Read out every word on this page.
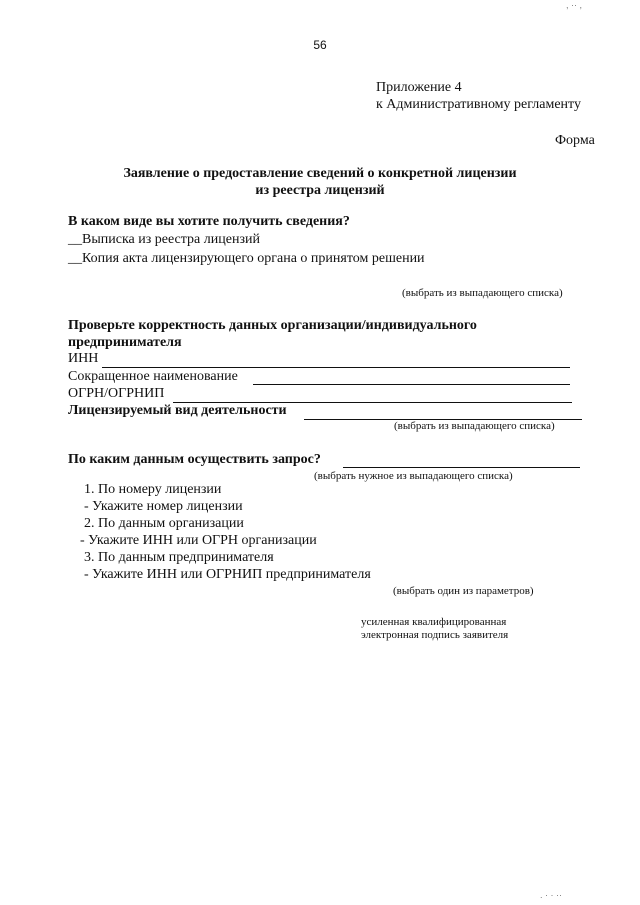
, ·· ,
56
Приложение 4
к Административному регламенту
Форма
Заявление о предоставление сведений о конкретной лицензии
из реестра лицензий
В каком виде вы хотите получить сведения?
__Выписка из реестра лицензий
__Копия акта лицензирующего органа о принятом решении
(выбрать из выпадающего списка)
Проверьте корректность данных организации/индивидуального
предпринимателя
ИНН
Сокращенное наименование
ОГРН/ОГРНИП
Лицензируемый вид деятельности
(выбрать из выпадающего списка)
По каким данным осуществить запрос?
(выбрать нужное из выпадающего списка)
1. По номеру лицензии
- Укажите номер лицензии
2. По данным организации
- Укажите ИНН или ОГРН организации
3. По данным предпринимателя
- Укажите ИНН или ОГРНИП предпринимателя
(выбрать один из параметров)
усиленная квалифицированная
электронная подпись заявителя
. · · ··
